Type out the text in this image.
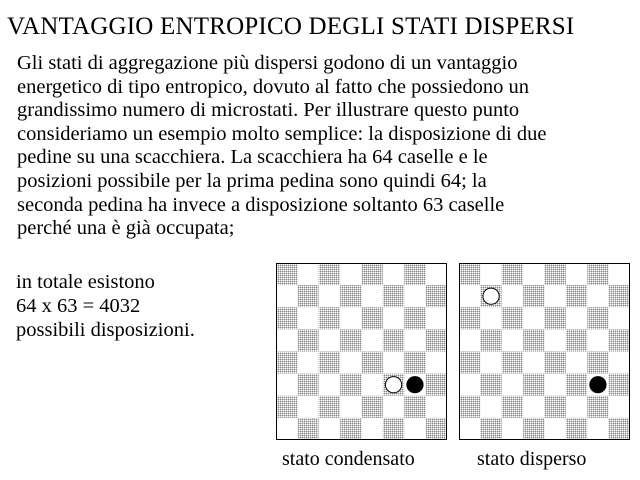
VANTAGGIO ENTROPICO DEGLI STATI DISPERSI
Gli stati di aggregazione più dispersi godono di un vantaggio
energetico di tipo entropico, dovuto al fatto che possiedono un
grandissimo numero di microstati. Per illustrare questo punto
consideriamo un esempio molto semplice: la disposizione di due
pedine su una scacchiera. La scacchiera ha 64 caselle e le
posizioni possibile per la prima pedina sono quindi 64; la
seconda pedina ha invece a disposizione soltanto 63 caselle
perché una è già occupata;
in totale esistono
64 x 63 = 4032
possibili disposizioni.
stato condensato	stato disperso
